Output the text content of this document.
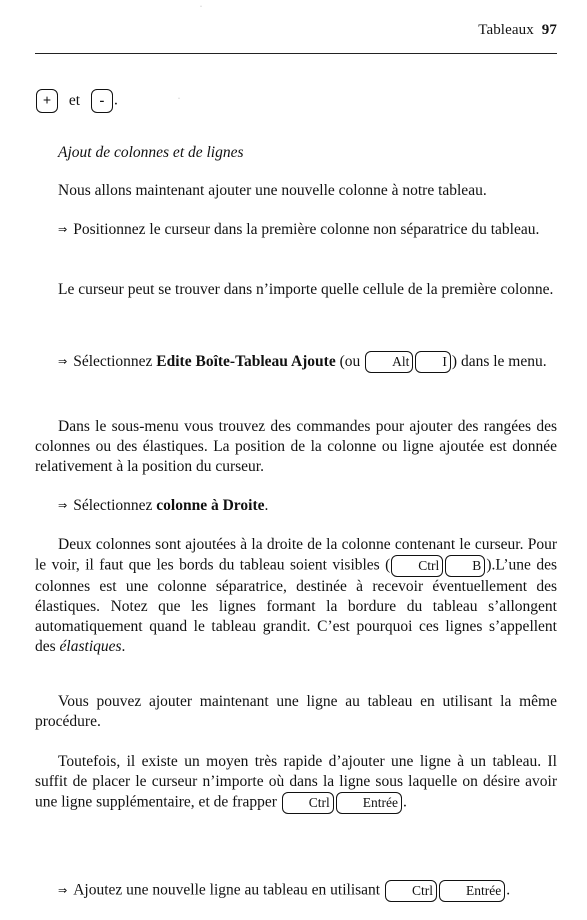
·
Tableaux 97
+ et - .	·
Ajout de colonnes et de lignes
Nous allons maintenant ajouter une nouvelle colonne à notre tableau.
⇒ Positionnez le curseur dans la première colonne non séparatrice du tableau.
Le curseur peut se trouver dans n’importe quelle cellule de la première colonne.
⇒ Sélectionnez Edite Boîte-Tableau Ajoute (ou Alt I ) dans le menu.
Dans le sous-menu vous trouvez des commandes pour ajouter des rangées des colonnes ou des élastiques. La position de la colonne ou ligne ajoutée est donnée relativement à la position du curseur.
⇒ Sélectionnez colonne à Droite.
Deux colonnes sont ajoutées à la droite de la colonne contenant le curseur. Pour le voir, il faut que les bords du tableau soient visibles ( Ctrl B ).L’une des colonnes est une colonne séparatrice, destinée à recevoir éventuellement des élastiques. Notez que les lignes formant la bordure du tableau s’allongent automatiquement quand le tableau grandit. C’est pourquoi ces lignes s’appellent des élastiques.
Vous pouvez ajouter maintenant une ligne au tableau en utilisant la même procédure.
Toutefois, il existe un moyen très rapide d’ajouter une ligne à un tableau. Il suffit de placer le curseur n’importe où dans la ligne sous laquelle on désire avoir une ligne supplémentaire, et de frapper Ctrl Entrée .
⇒ Ajoutez une nouvelle ligne au tableau en utilisant Ctrl Entrée .
